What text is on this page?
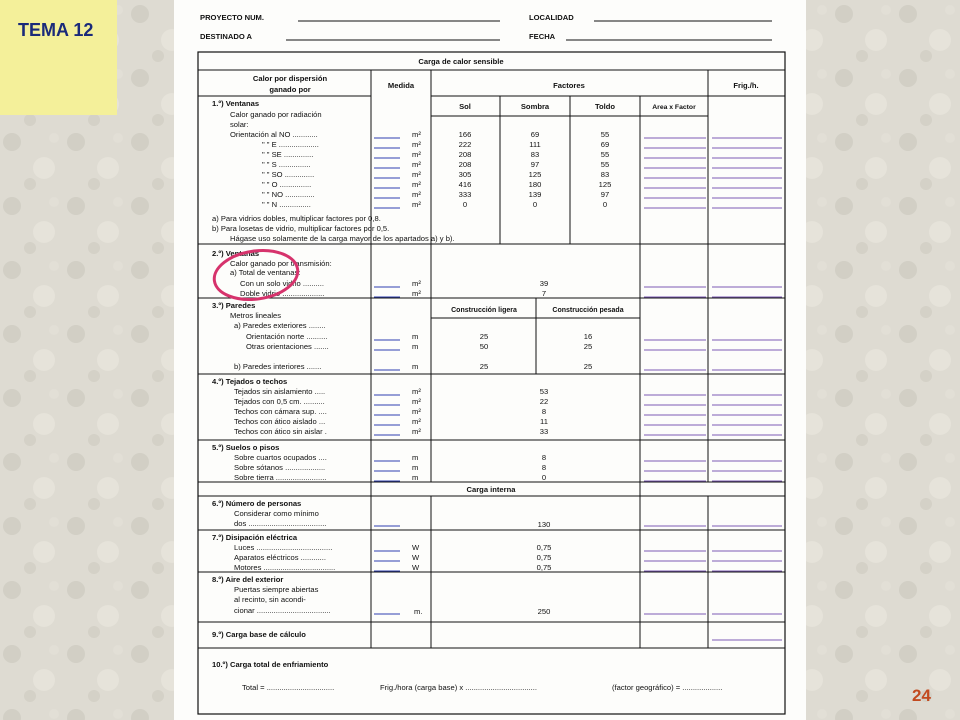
TEMA 12
24
PROYECTO NUM.	LOCALIDAD
DESTINADO A	FECHA
Carga de calor sensible
Calor por dispersión
ganado por	Medida	Factores	Frig./h.
Sol	Sombra	Toldo	Area x Factor
1.º) Ventanas
Calor ganado por radiación
solar:
Orientación al NO ............	m²	166	69	55
" " E ...................	m²	222	111	69
" " SE ..............	m²	208	83	55
" " S ...............	m²	208	97	55
" " SO ..............	m²	305	125	83
" " O ...............	m²	416	180	125
" " NO ..............	m²	333	139	97
" " N ...............	m²	0	0	0
a) Para vidrios dobles, multiplicar factores por 0,8.
b) Para losetas de vidrio, multiplicar factores por 0,5.
Hágase uso solamente de la carga mayor de los apartados a) y b).
2.º) Ventanas
Calor ganado por transmisión:
a) Total de ventanas:
Con un solo vidrio ..........	m²	39
Doble vidrio ....................	m²	7
3.º) Paredes
Metros lineales
a) Paredes exteriores ........
Construcción ligera	Construcción pesada
Orientación norte ..........	m	25	16
Otras orientaciones .......	m	50	25
b) Paredes interiores .......	m	25	25
4.º) Tejados o techos
Tejados sin aislamiento .....	m²	53
Tejados con 0,5 cm. ..........	m²	22
Techos con cámara sup. ....	m²	8
Techos con ático aislado ...	m²	11
Techos con ático sin aislar .	m²	33
5.º) Suelos o pisos
Sobre cuartos ocupados ....	m	8
Sobre sótanos ...................	m	8
Sobre tierra ........................	m	0
Carga interna
6.º) Número de personas
Considerar como mínimo
dos .....................................	130
7.º) Disipación eléctrica
Luces ....................................	W	0,75
Aparatos eléctricos ............	W	0,75
Motores ..................................	W	0,75
8.º) Aire del exterior
Puertas siempre abiertas
al recinto, sin acondi-
cionar ...................................	m.	250
9.º) Carga base de cálculo
10.º) Carga total de enfriamiento
Total = ................................	Frig./hora (carga base) x ..................................	(factor geográfico) = ...................
